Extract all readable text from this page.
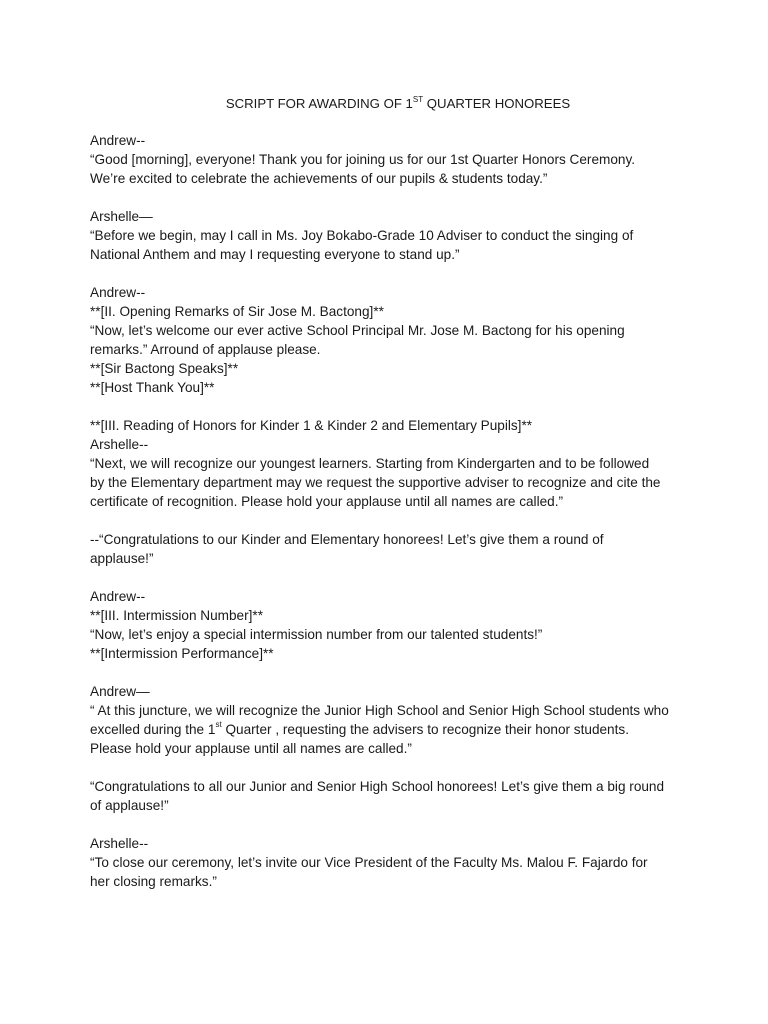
SCRIPT FOR AWARDING OF 1ST QUARTER HONOREES

Andrew--

“Good [morning], everyone! Thank you for joining us for our 1st Quarter Honors Ceremony.

We’re excited to celebrate the achievements of our pupils & students today.”

Arshelle—

“Before we begin, may I call in Ms. Joy Bokabo-Grade 10 Adviser to conduct the singing of

National Anthem and may I requesting everyone to stand up.”

Andrew--

**[II. Opening Remarks of Sir Jose M. Bactong]**

“Now, let’s welcome our ever active School Principal Mr. Jose M. Bactong for his opening

remarks.” Arround of applause please.

**[Sir Bactong Speaks]**

**[Host Thank You]**

**[III. Reading of Honors for Kinder 1 & Kinder 2 and Elementary Pupils]**

Arshelle--

“Next, we will recognize our youngest learners. Starting from Kindergarten and to be followed

by the Elementary department may we request the supportive adviser to recognize and cite the

certificate of recognition. Please hold your applause until all names are called.”

--“Congratulations to our Kinder and Elementary honorees! Let’s give them a round of

applause!”

Andrew--

**[III. Intermission Number]**

“Now, let’s enjoy a special intermission number from our talented students!”

**[Intermission Performance]**

Andrew—

“ At this juncture, we will recognize the Junior High School and Senior High School students who

excelled during the 1st Quarter , requesting the advisers to recognize their honor students.

Please hold your applause until all names are called.”

“Congratulations to all our Junior and Senior High School honorees! Let’s give them a big round

of applause!”

Arshelle--

“To close our ceremony, let’s invite our Vice President of the Faculty Ms. Malou F. Fajardo for

her closing remarks.”
